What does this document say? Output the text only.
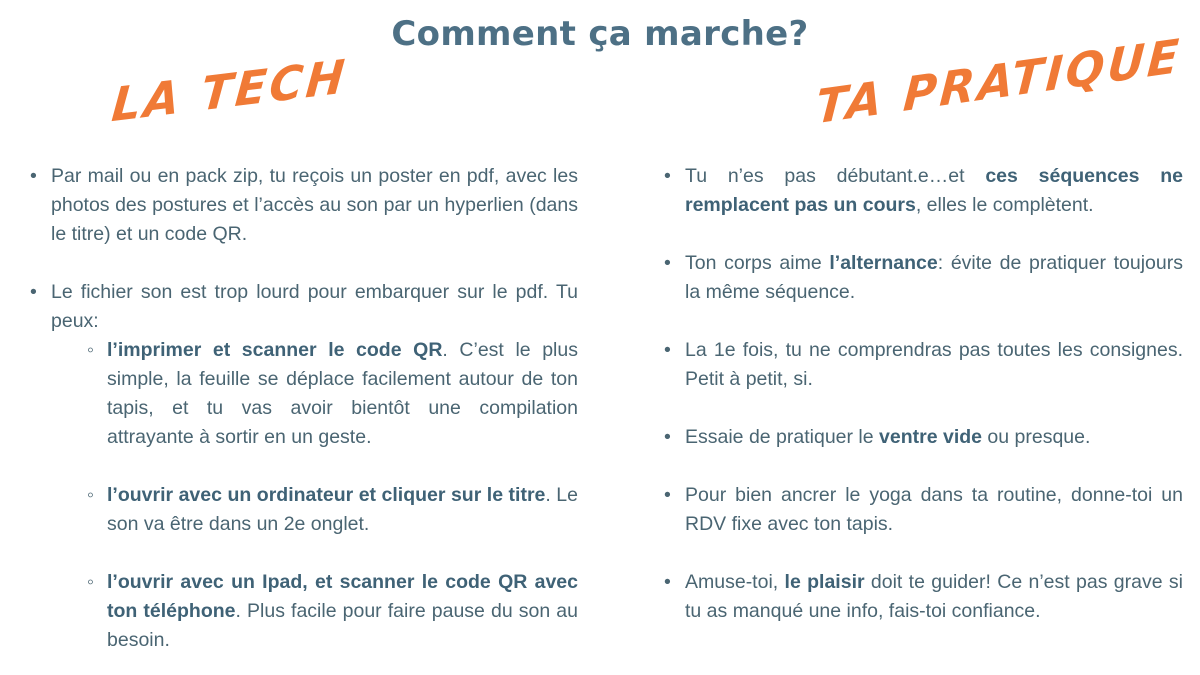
Comment ça marche?
LA TECH	TA PRATIQUE
• Par mail ou en pack zip, tu reçois un poster en pdf, avec les photos des postures et l’accès au son par un hyperlien (dans le titre) et un code QR.
• Le fichier son est trop lourd pour embarquer sur le pdf. Tu peux:
◦ l’imprimer et scanner le code QR. C’est le plus simple, la feuille se déplace facilement autour de ton tapis, et tu vas avoir bientôt une compilation attrayante à sortir en un geste.
◦ l’ouvrir avec un ordinateur et cliquer sur le titre. Le son va être dans un 2e onglet.
◦ l’ouvrir avec un Ipad, et scanner le code QR avec ton téléphone. Plus facile pour faire pause du son au besoin.
• Tu n’es pas débutant.e…et ces séquences ne remplacent pas un cours, elles le complètent.
• Ton corps aime l’alternance: évite de pratiquer toujours la même séquence.
• La 1e fois, tu ne comprendras pas toutes les consignes. Petit à petit, si.
• Essaie de pratiquer le ventre vide ou presque.
• Pour bien ancrer le yoga dans ta routine, donne-toi un RDV fixe avec ton tapis.
• Amuse-toi, le plaisir doit te guider! Ce n’est pas grave si tu as manqué une info, fais-toi confiance.
